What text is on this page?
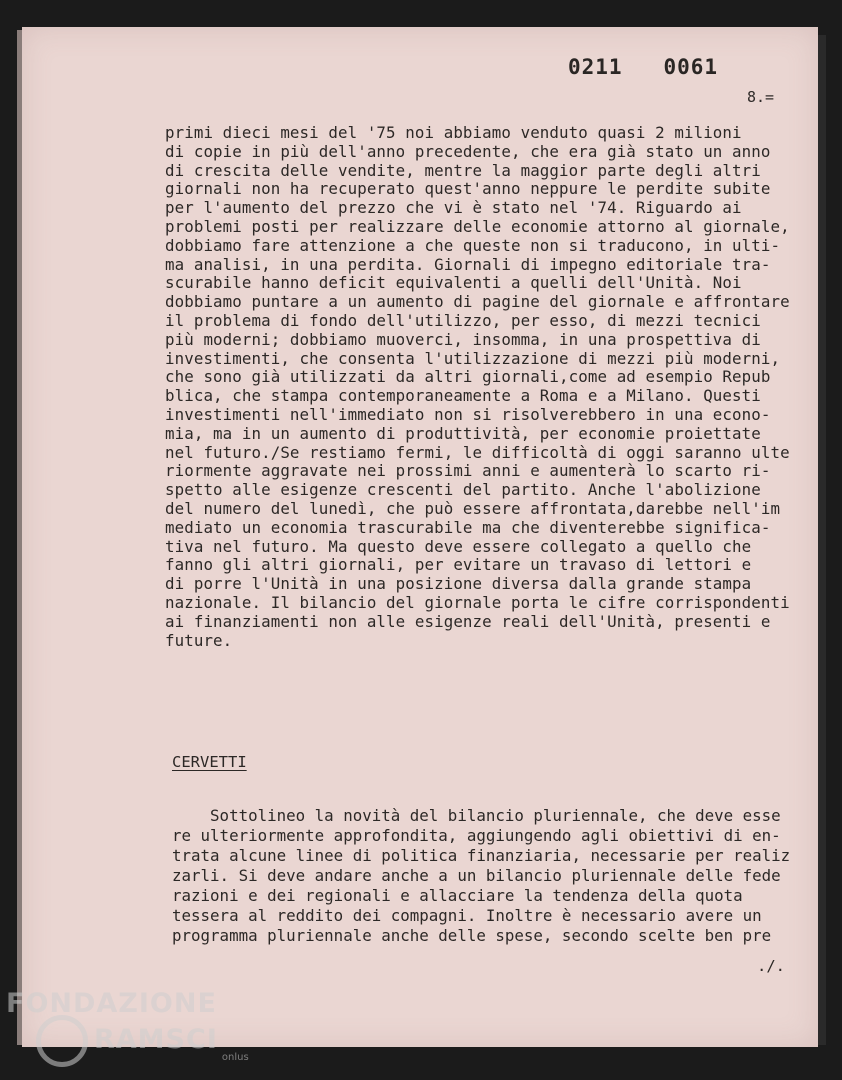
0211   0061
8.=
primi dieci mesi del '75 noi abbiamo venduto quasi 2 milioni
di copie in più dell'anno precedente, che era già stato un anno
di crescita delle vendite, mentre la maggior parte degli altri
giornali non ha recuperato quest'anno neppure le perdite subite
per l'aumento del prezzo che vi è stato nel '74. Riguardo ai
problemi posti per realizzare delle economie attorno al giornale,
dobbiamo fare attenzione a che queste non si traducono, in ulti-
ma analisi, in una perdita. Giornali di impegno editoriale tra-
scurabile hanno deficit equivalenti a quelli dell'Unità. Noi
dobbiamo puntare a un aumento di pagine del giornale e affrontare
il problema di fondo dell'utilizzo, per esso, di mezzi tecnici
più moderni; dobbiamo muoverci, insomma, in una prospettiva di
investimenti, che consenta l'utilizzazione di mezzi più moderni,
che sono già utilizzati da altri giornali,come ad esempio Repub
blica, che stampa contemporaneamente a Roma e a Milano. Questi
investimenti nell'immediato non si risolverebbero in una econo-
mia, ma in un aumento di produttività, per economie proiettate
nel futuro./Se restiamo fermi, le difficoltà di oggi saranno ulte
riormente aggravate nei prossimi anni e aumenterà lo scarto ri-
spetto alle esigenze crescenti del partito. Anche l'abolizione
del numero del lunedì, che può essere affrontata,darebbe nell'im
mediato un economia trascurabile ma che diventerebbe significa-
tiva nel futuro. Ma questo deve essere collegato a quello che
fanno gli altri giornali, per evitare un travaso di lettori e
di porre l'Unità in una posizione diversa dalla grande stampa
nazionale. Il bilancio del giornale porta le cifre corrispondenti
ai finanziamenti non alle esigenze reali dell'Unità, presenti e
future.
CERVETTI
Sottolineo la novità del bilancio pluriennale, che deve esse
re ulteriormente approfondita, aggiungendo agli obiettivi di en-
trata alcune linee di politica finanziaria, necessarie per realiz
zarli. Si deve andare anche a un bilancio pluriennale delle fede
razioni e dei regionali e allacciare la tendenza della quota
tessera al reddito dei compagni. Inoltre è necessario avere un
programma pluriennale anche delle spese, secondo scelte ben pre
./.
FONDAZIONE
RAMSCI
onlus
